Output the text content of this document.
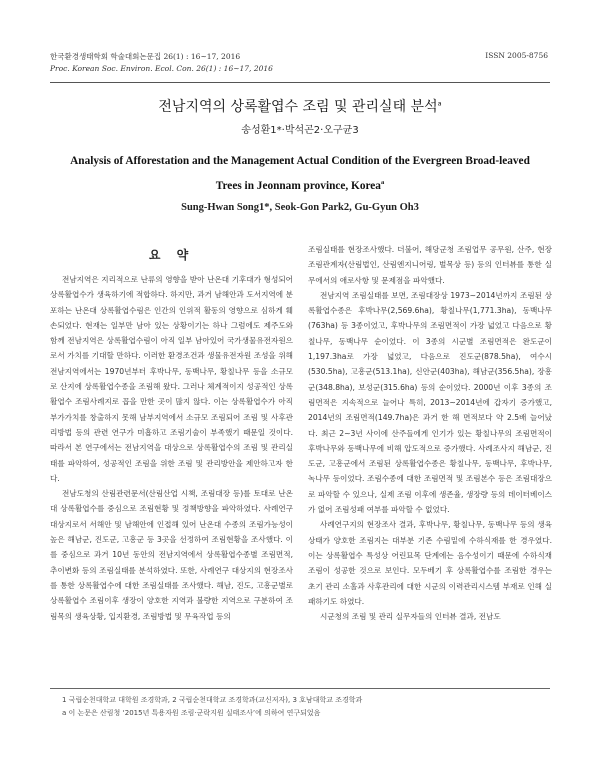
한국환경생태학회 학술대회논문집 26(1) : 16~17, 2016
Proc. Korean Soc. Environ. Ecol. Con. 26(1) : 16~17, 2016
ISSN 2005-8756
전남지역의 상록활엽수 조림 및 관리실태 분석$^a$
송성환1*·박석곤2·오구균3
Analysis of Afforestation and the Management Actual Condition of the Evergreen Broad-leaved
Trees in Jeonnam province, Korea$^a$
Sung-Hwan Song1*, Seok-Gon Park2, Gu-Gyun Oh3
요 약

전남지역은 지리적으로 난류의 영향을 받아 난온대 기후대가 형성되어 상록활엽수가 생육하기에 적합하다. 하지만, 과거 남해안과 도서지역에 분포하는 난온대 상록활엽수림은 인간의 인위적 활동의 영향으로 심하게 훼손되었다. 현재는 일부만 남아 있는 상황이기는 하나 그럼에도 제주도와 함께 전남지역은 상록활엽수림이 아직 일부 남아있어 국가생물유전자원으로서 가치를 기대할 만하다. 이러한 환경조건과 생물유전자원 조성을 위해 전남지역에서는 1970년부터 후박나무, 동백나무, 황칠나무 등을 소규모로 산지에 상록활엽수종을 조림해 왔다. 그러나 체계적이지 성공적인 상록활엽수 조림사례지로 꼽을 만한 곳이 많지 않다. 이는 상록활엽수가 아직 부가가치를 창출하지 못해 남부지역에서 소규모 조림되어 조림 및 사후관리방법 등의 관련 연구가 미흡하고 조림기술이 부족했기 때문일 것이다. 따라서 본 연구에서는 전남지역을 대상으로 상록활엽수의 조림 및 관리실태를 파악하여, 성공적인 조림을 위한 조림 및 관리방안을 제안하고자 한다.

전남도청의 산림관련문서(산림산업 시책, 조림대장 등)를 토대로 난온대 상록활엽수를 중심으로 조림현황 및 정책방향을 파악하였다. 사례연구 대상지로서 서해안 및 남해안에 인접해 있어 난온대 수종의 조림가능성이 높은 해남군, 진도군, 고흥군 등 3곳을 선정하여 조림현황을 조사했다. 이를 중심으로 과거 10년 동안의 전남지역에서 상록활엽수종별 조림면적, 추이변화 등의 조림실태를 분석하였다. 또한, 사례연구 대상지의 현장조사를 통한 상록활엽수에 대한 조림실태를 조사했다. 해남, 진도, 고흥군별로 상록활엽수 조림이후 생장이 양호한 지역과 불량한 지역으로 구분하여 조림목의 생육상황, 입지환경, 조림방법 및 무육작업 등의

조림실태를 현장조사했다. 더불어, 해당군청 조림업무 공무원, 산주, 현장조림관계자(산림법인, 산림엔지니어링, 벌목상 등) 등의 인터뷰를 통한 실무에서의 애로사항 및 문제점을 파악했다.

전남지역 조림실태를 보면, 조림대장상 1973~2014년까지 조림된 상록활엽수종은 후박나무(2,569.6ha), 황칠나무(1,771.3ha), 동백나무(763ha) 등 3종이었고, 후박나무의 조림면적이 가장 넓었고 다음으로 황칠나무, 동백나무 순이었다. 이 3종의 시군별 조림면적은 완도군이 1,197.3ha로 가장 넓었고, 다음으로 진도군(878.5ha), 여수시(530.5ha), 고흥군(513.1ha), 신안군(403ha), 해남군(356.5ha), 장흥군(348.8ha), 보성군(315.6ha) 등의 순이었다. 2000년 이후 3종의 조림면적은 지속적으로 늘어나 특히, 2013~2014년에 갑자기 증가했고, 2014년의 조림면적(149.7ha)은 과거 한 해 면적보다 약 2.5배 늘어났다. 최근 2~3년 사이에 산주들에게 인기가 있는 황칠나무의 조림면적이 후박나무와 동백나무에 비해 압도적으로 증가했다. 사례조사지 해남군, 진도군, 고흥군에서 조림된 상록활엽수종은 황칠나무, 동백나무, 후박나무, 녹나무 등이었다. 조림수종에 대한 조림면적 및 조림본수 등은 조림대장으로 파악할 수 있으나, 실제 조림 이후에 생존율, 생장량 등의 데이터베이스가 없어 조림성패 여부를 파악할 수 없었다.

사례연구지의 현장조사 결과, 후박나무, 황칠나무, 동백나무 등의 생육상태가 양호한 조림지는 대부분 기존 수림밑에 수하식재를 한 경우였다. 이는 상록활엽수 특성상 어린묘목 단계에는 음수성이기 때문에 수하식재 조림이 성공한 것으로 보인다. 모두베기 후 상록활엽수를 조림한 경우는 초기 관리 소홀과 사후관리에 대한 시군의 이력관리시스템 부재로 인해 실패하기도 하였다.

시군청의 조림 및 관리 실무자들의 인터뷰 결과, 전남도

1 국립순천대학교 대학원 조경학과, 2 국립순천대학교 조경학과(교신저자), 3 호남대학교 조경학과
a 이 논문은 산림청 ‘2015년 특용자원 조림·군락지원 실태조사’에 의하여 연구되었음
